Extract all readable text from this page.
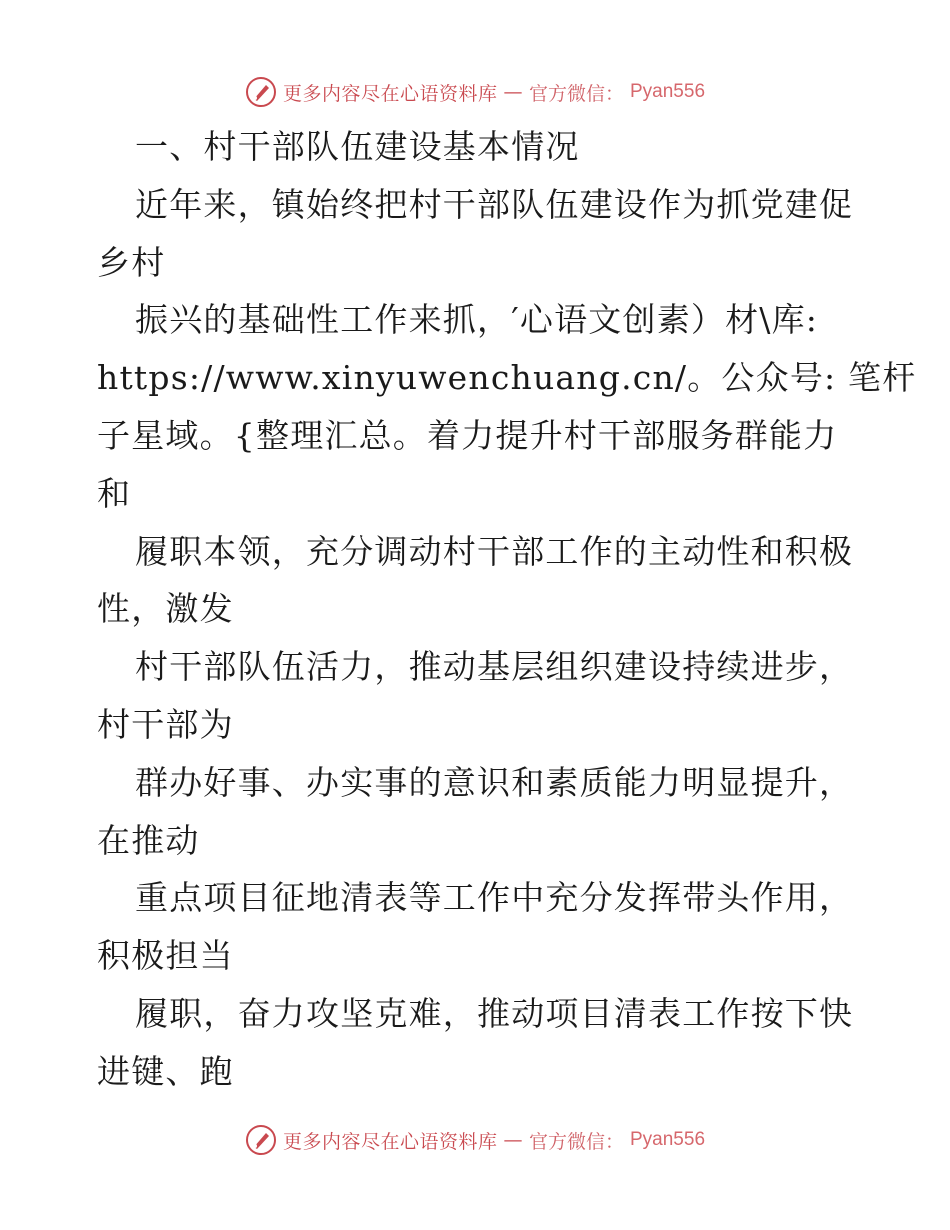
更多内容尽在心语资料库 — 官方微信： Pyan556
一、村干部队伍建设基本情况
近年来，镇始终把村干部队伍建设作为抓党建促
乡村
振兴的基础性工作来抓，′心语文创素）材\库:
https://www.xinyuwenchuang.cn/。公众号: 笔杆
子星域。{整理汇总。着力提升村干部服务群能力
和
履职本领，充分调动村干部工作的主动性和积极
性，激发
村干部队伍活力，推动基层组织建设持续进步，
村干部为
群办好事、办实事的意识和素质能力明显提升，
在推动
重点项目征地清表等工作中充分发挥带头作用，
积极担当
履职，奋力攻坚克难，推动项目清表工作按下快
进键、跑
更多内容尽在心语资料库 — 官方微信： Pyan556
